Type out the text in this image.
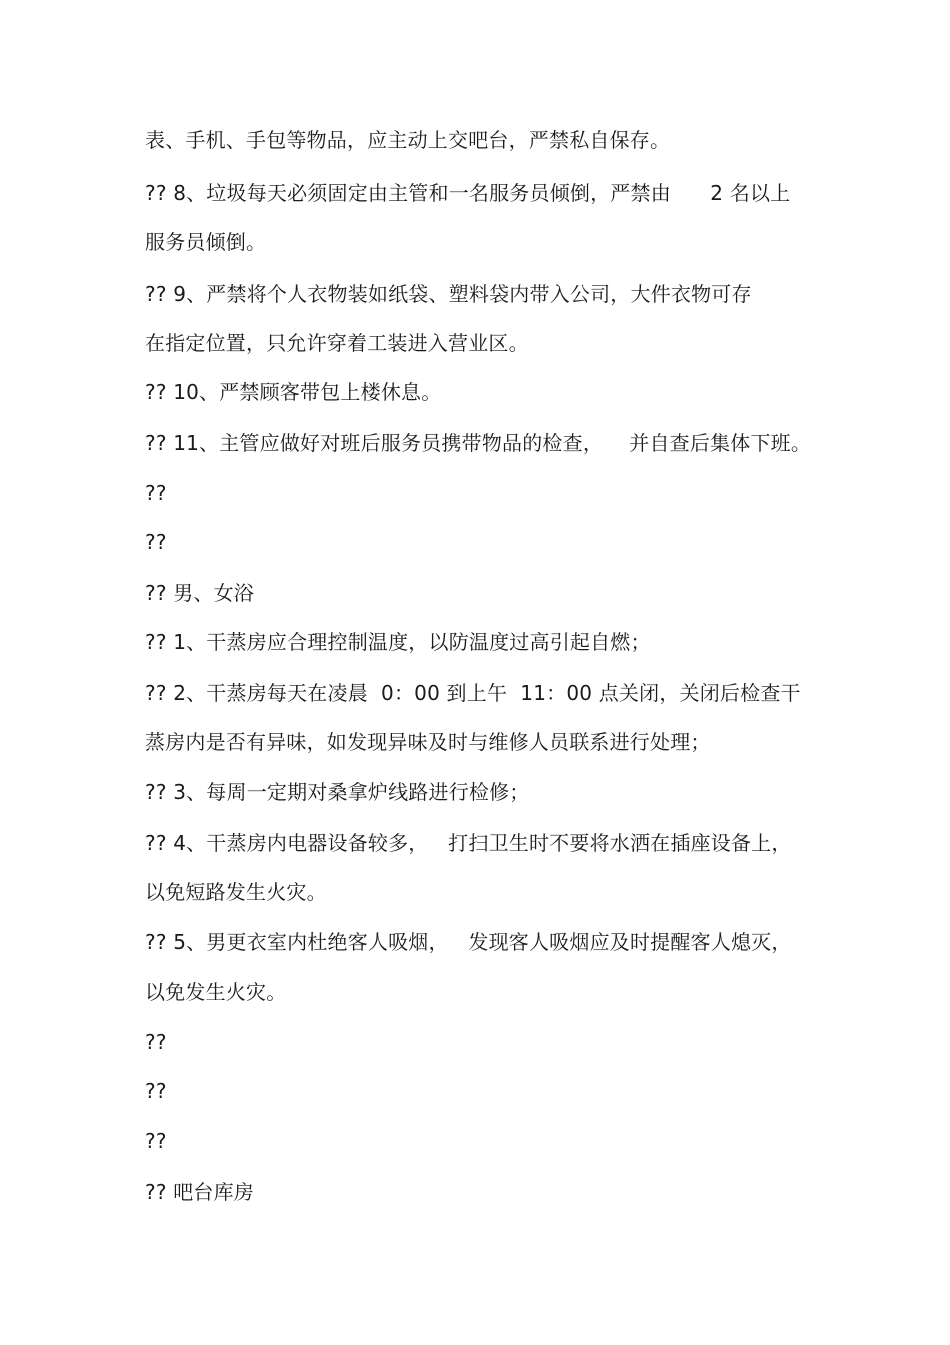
表、手机、手包等物品，应主动上交吧台，严禁私自保存。
?? 8、垃圾每天必须固定由主管和一名服务员倾倒，严禁由      2 名以上
服务员倾倒。
?? 9、严禁将个人衣物装如纸袋、塑料袋内带入公司，大件衣物可存
在指定位置，只允许穿着工装进入营业区。
?? 10、严禁顾客带包上楼休息。
?? 11、主管应做好对班后服务员携带物品的检查，    并自查后集体下班。
??
??
?? 男、女浴
?? 1、干蒸房应合理控制温度，以防温度过高引起自燃；
?? 2、干蒸房每天在凌晨  0：00 到上午  11：00 点关闭，关闭后检查干
蒸房内是否有异味，如发现异味及时与维修人员联系进行处理；
?? 3、每周一定期对桑拿炉线路进行检修；
?? 4、干蒸房内电器设备较多，   打扫卫生时不要将水洒在插座设备上，
以免短路发生火灾。
?? 5、男更衣室内杜绝客人吸烟，   发现客人吸烟应及时提醒客人熄灭，
以免发生火灾。
??
??
??
?? 吧台库房
